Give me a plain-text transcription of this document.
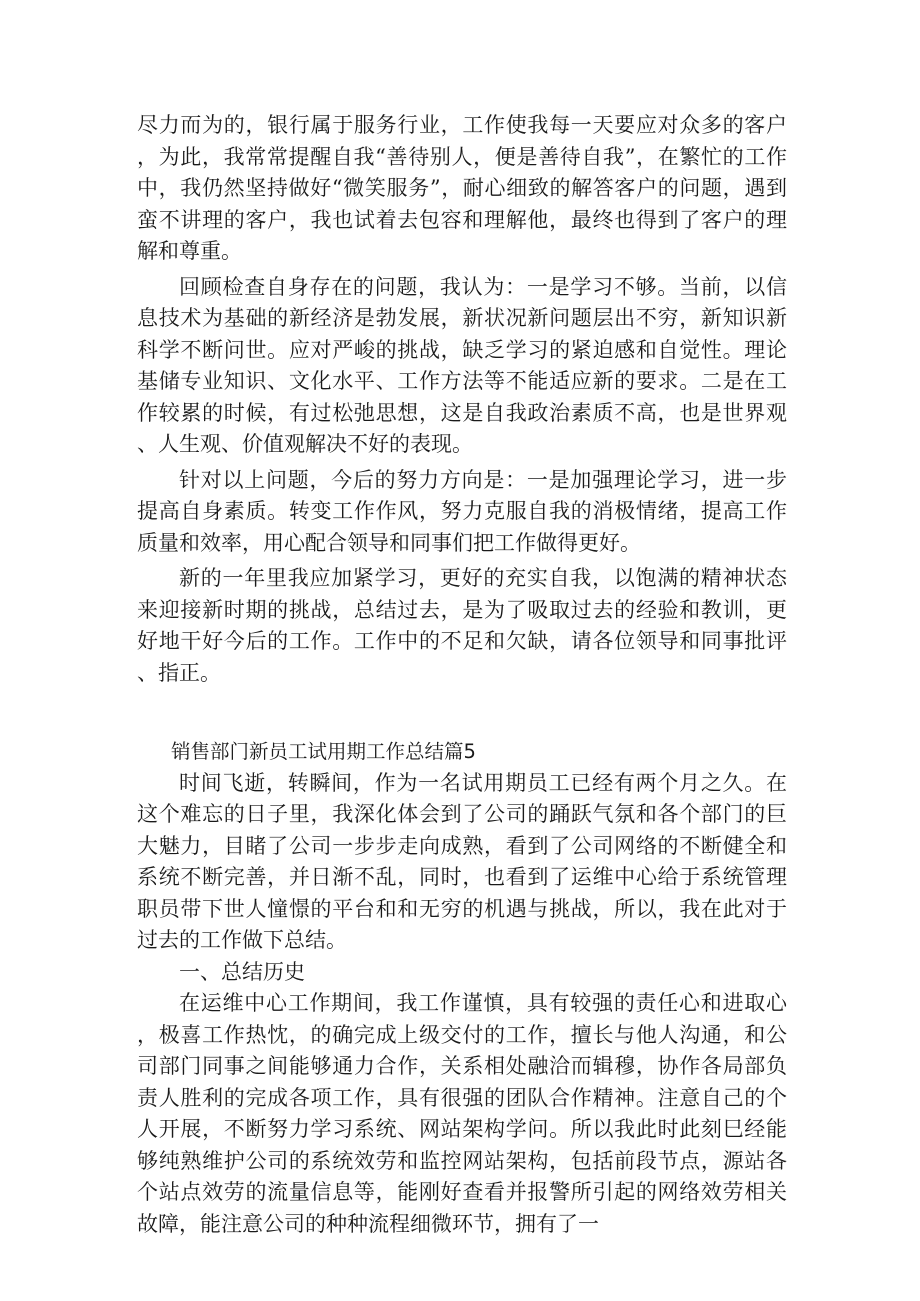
尽力而为的，银行属于服务行业，工作使我每一天要应对众多的客户，为此，我常常提醒自我“善待别人，便是善待自我”，在繁忙的工作中，我仍然坚持做好“微笑服务”，耐心细致的解答客户的问题，遇到蛮不讲理的客户，我也试着去包容和理解他，最终也得到了客户的理解和尊重。

回顾检查自身存在的问题，我认为：一是学习不够。当前，以信息技术为基础的新经济是勃发展，新状况新问题层出不穷，新知识新科学不断问世。应对严峻的挑战，缺乏学习的紧迫感和自觉性。理论基储专业知识、文化水平、工作方法等不能适应新的要求。二是在工作较累的时候，有过松弛思想，这是自我政治素质不高，也是世界观、人生观、价值观解决不好的表现。

针对以上问题，今后的努力方向是：一是加强理论学习，进一步提高自身素质。转变工作作风，努力克服自我的消极情绪，提高工作质量和效率，用心配合领导和同事们把工作做得更好。

新的一年里我应加紧学习，更好的充实自我，以饱满的精神状态来迎接新时期的挑战，总结过去，是为了吸取过去的经验和教训，更好地干好今后的工作。工作中的不足和欠缺，请各位领导和同事批评、指正。

销售部门新员工试用期工作总结篇5

时间飞逝，转瞬间，作为一名试用期员工已经有两个月之久。在这个难忘的日子里，我深化体会到了公司的踊跃气氛和各个部门的巨大魅力，目睹了公司一步步走向成熟，看到了公司网络的不断健全和系统不断完善，并日渐不乱，同时，也看到了运维中心给于系统管理职员带下世人憧憬的平台和和无穷的机遇与挑战，所以，我在此对于过去的工作做下总结。

一、总结历史

在运维中心工作期间，我工作谨慎，具有较强的责任心和进取心，极喜工作热忱，的确完成上级交付的工作，擅长与他人沟通，和公司部门同事之间能够通力合作，关系相处融洽而辑穆，协作各局部负责人胜利的完成各项工作，具有很强的团队合作精神。注意自己的个人开展，不断努力学习系统、网站架构学问。所以我此时此刻巳经能够纯熟维护公司的系统效劳和监控网站架构，包括前段节点，源站各个站点效劳的流量信息等，能刚好查看并报警所引起的网络效劳相关故障，能注意公司的种种流程细微环节，拥有了一
